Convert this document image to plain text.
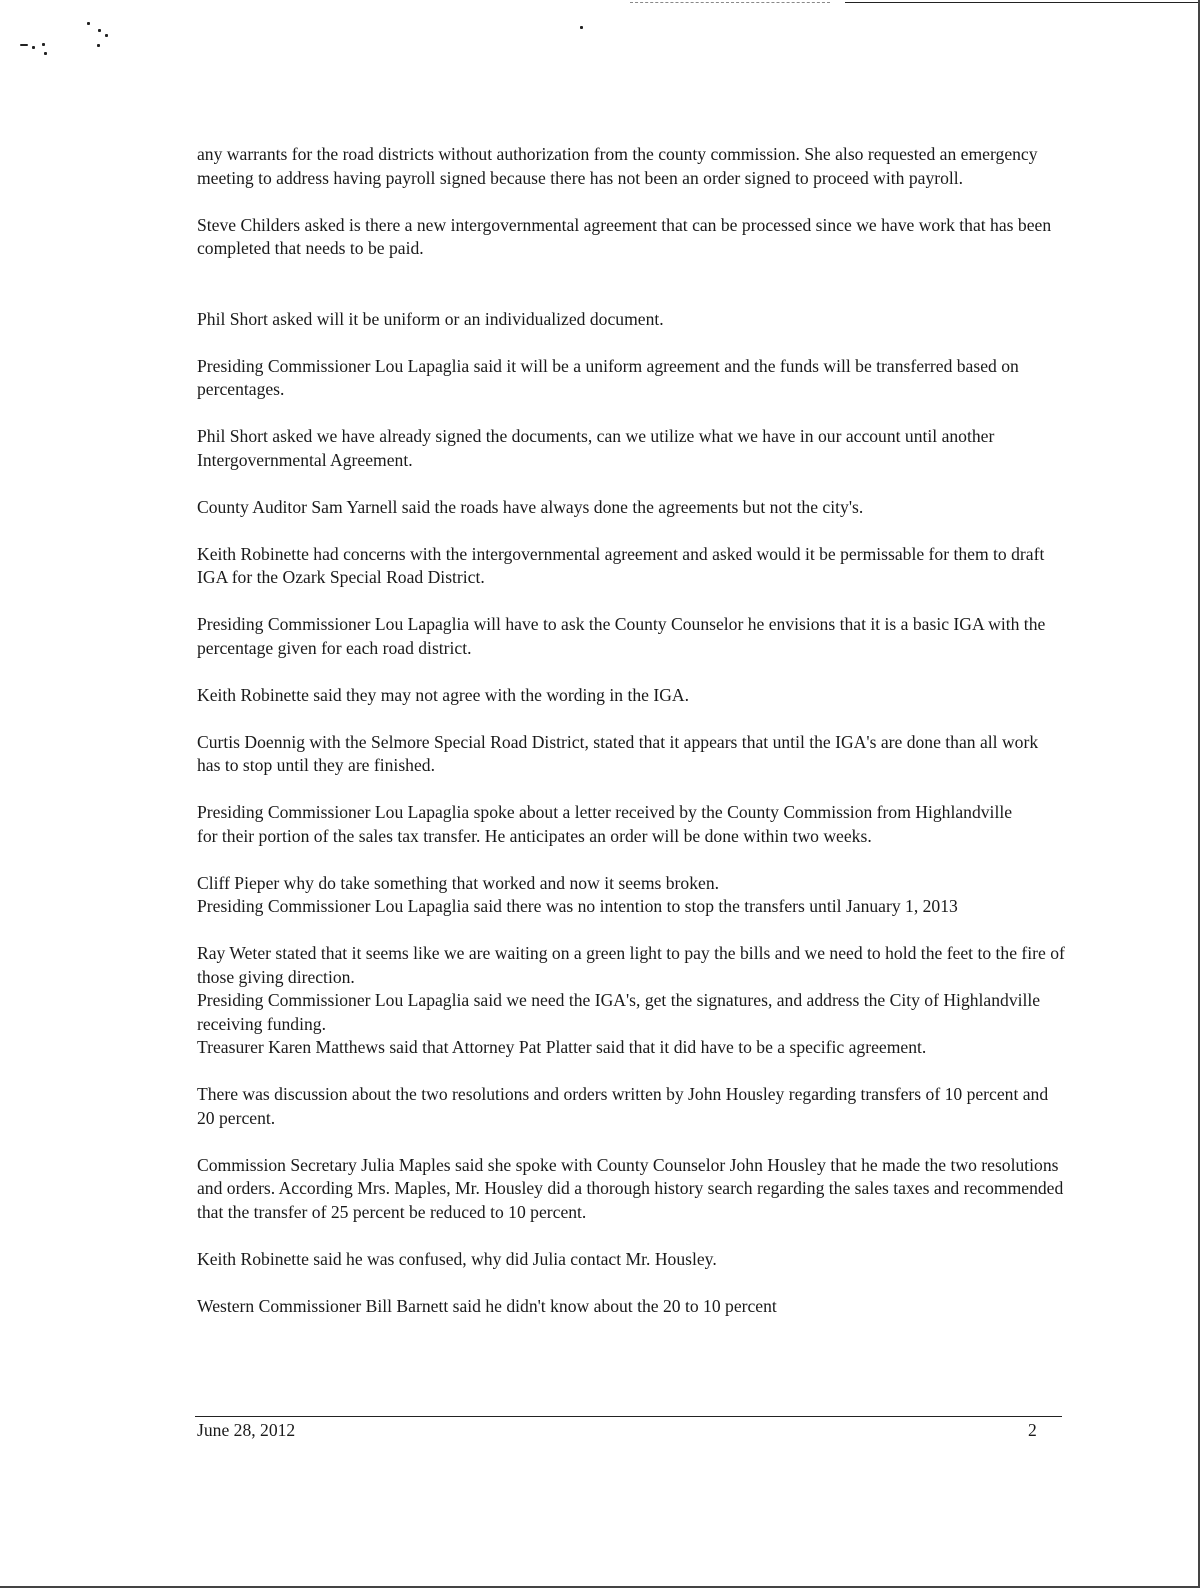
any warrants for the road districts without authorization from the county commission. She also requested an emergency meeting to address having payroll signed because there has not been an order signed to proceed with payroll.

Steve Childers asked is there a new intergovernmental agreement that can be processed since we have work that has been completed that needs to be paid.

Phil Short asked will it be uniform or an individualized document.

Presiding Commissioner Lou Lapaglia said it will be a uniform agreement and the funds will be transferred based on percentages.

Phil Short asked we have already signed the documents, can we utilize what we have in our account until another Intergovernmental Agreement.

County Auditor Sam Yarnell said the roads have always done the agreements but not the city's.

Keith Robinette had concerns with the intergovernmental agreement and asked would it be permissable for them to draft IGA for the Ozark Special Road District.

Presiding Commissioner Lou Lapaglia will have to ask the County Counselor he envisions that it is a basic IGA with the percentage given for each road district.

Keith Robinette said they may not agree with the wording in the IGA.

Curtis Doennig with the Selmore Special Road District, stated that it appears that until the IGA's are done than all work has to stop until they are finished.

Presiding Commissioner Lou Lapaglia spoke about a letter received by the County Commission from Highlandville

for their portion of the sales tax transfer. He anticipates an order will be done within two weeks.

Cliff Pieper why do take something that worked and now it seems broken.

Presiding Commissioner Lou Lapaglia said there was no intention to stop the transfers until January 1, 2013

Ray Weter stated that it seems like we are waiting on a green light to pay the bills and we need to hold the feet to the fire of those giving direction.

Presiding Commissioner Lou Lapaglia said we need the IGA's, get the signatures, and address the City of Highlandville receiving funding.

Treasurer Karen Matthews said that Attorney Pat Platter said that it did have to be a specific agreement.

There was discussion about the two resolutions and orders written by John Housley regarding transfers of 10 percent and 20 percent.

Commission Secretary Julia Maples said she spoke with County Counselor John Housley that he made the two resolutions and orders. According Mrs. Maples, Mr. Housley did a thorough history search regarding the sales taxes and recommended that the transfer of 25 percent be reduced to 10 percent.

Keith Robinette said he was confused, why did Julia contact Mr. Housley.

Western Commissioner Bill Barnett said he didn't know about the 20 to 10 percent

June 28, 2012	2
